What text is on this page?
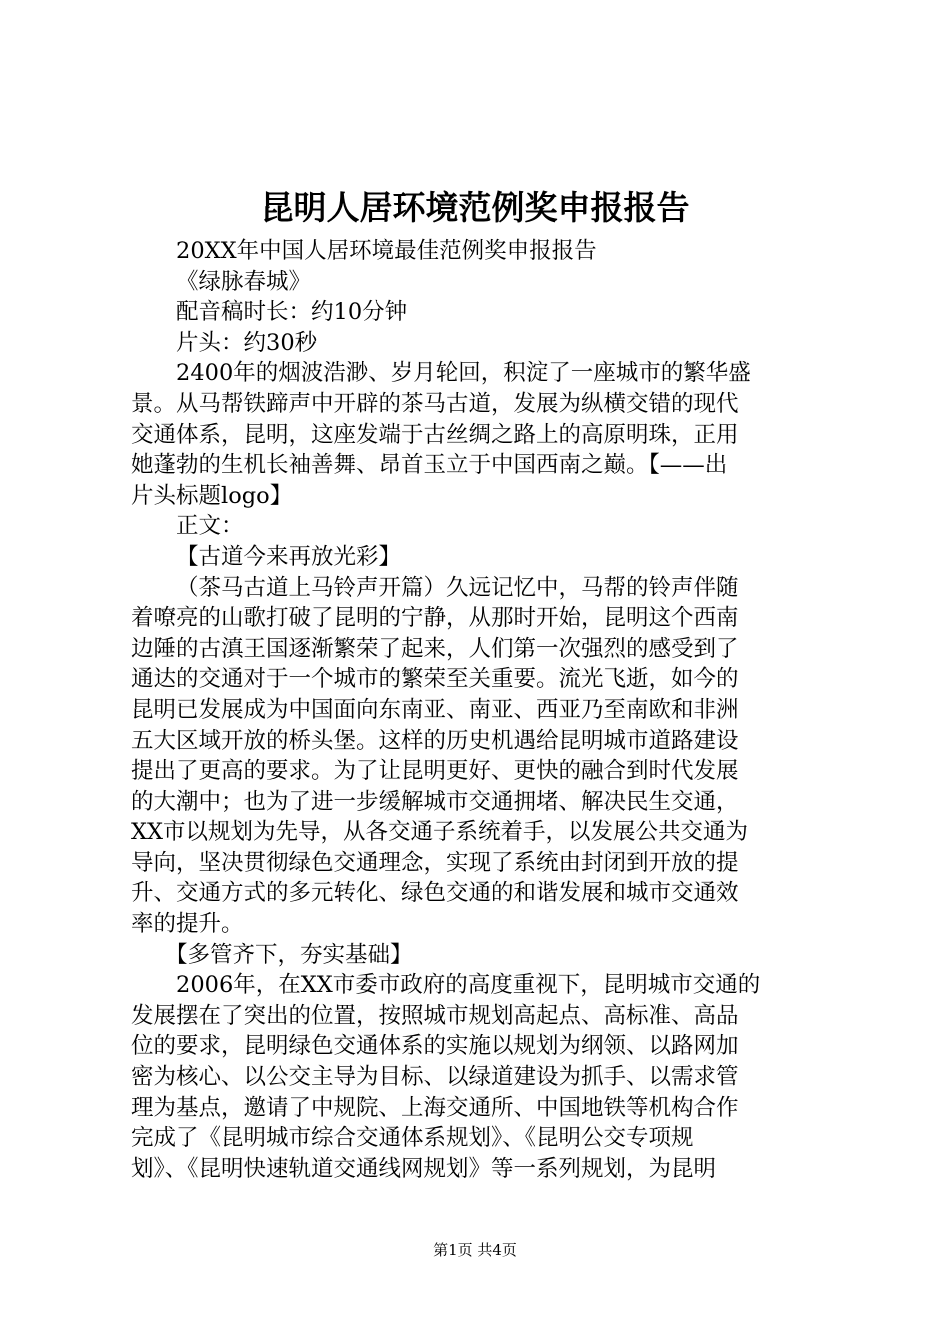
昆明人居环境范例奖申报报告
20XX年中国人居环境最佳范例奖申报报告
《绿脉春城》
配音稿时长：约10分钟
片头：约30秒
2400年的烟波浩渺、岁月轮回，积淀了一座城市的繁华盛
景。从马帮铁蹄声中开辟的茶马古道，发展为纵横交错的现代
交通体系，昆明，这座发端于古丝绸之路上的高原明珠，正用
她蓬勃的生机长袖善舞、昂首玉立于中国西南之巅。【——出
片头标题logo】
正文：
【古道今来再放光彩】
（茶马古道上马铃声开篇）久远记忆中，马帮的铃声伴随
着嘹亮的山歌打破了昆明的宁静，从那时开始，昆明这个西南
边陲的古滇王国逐渐繁荣了起来，人们第一次强烈的感受到了
通达的交通对于一个城市的繁荣至关重要。流光飞逝，如今的
昆明已发展成为中国面向东南亚、南亚、西亚乃至南欧和非洲
五大区域开放的桥头堡。这样的历史机遇给昆明城市道路建设
提出了更高的要求。为了让昆明更好、更快的融合到时代发展
的大潮中；也为了进一步缓解城市交通拥堵、解决民生交通，
XX市以规划为先导，从各交通子系统着手，以发展公共交通为
导向，坚决贯彻绿色交通理念，实现了系统由封闭到开放的提
升、交通方式的多元转化、绿色交通的和谐发展和城市交通效
率的提升。
【多管齐下，夯实基础】
2006年，在XX市委市政府的高度重视下，昆明城市交通的
发展摆在了突出的位置，按照城市规划高起点、高标准、高品
位的要求，昆明绿色交通体系的实施以规划为纲领、以路网加
密为核心、以公交主导为目标、以绿道建设为抓手、以需求管
理为基点，邀请了中规院、上海交通所、中国地铁等机构合作
完成了《昆明城市综合交通体系规划》、《昆明公交专项规
划》、《昆明快速轨道交通线网规划》等一系列规划，为昆明
第1页 共4页
